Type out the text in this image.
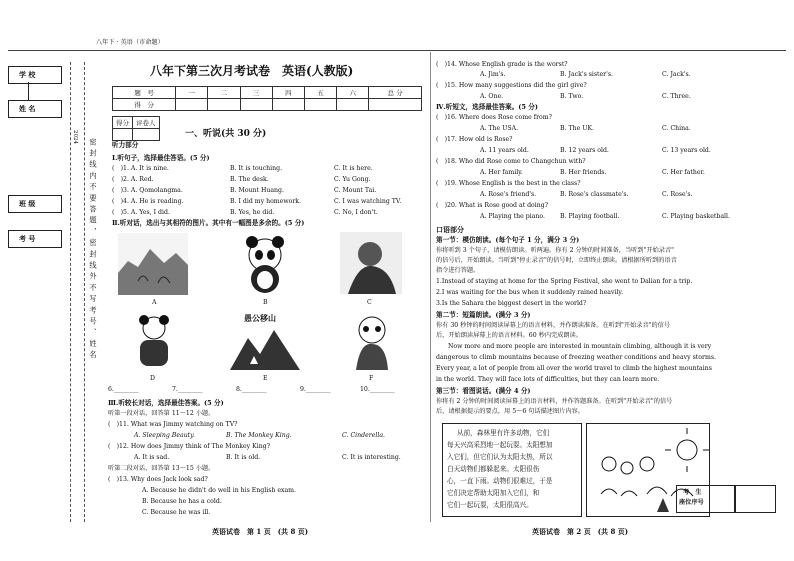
八年下 · 英语（市命题）
学 校
姓 名
班 级
考 号
2024
密封线内不要答题，密封线外不写考号、姓名
八年下第三次月考试卷　英语(人教版)
题　号	一	二	三	四	五	六	总 分
得　分							
得分	评卷人

一、听说(共 30 分)
听力部分
Ⅰ.听句子，选择最佳答语。(5 分)
(　)1. A. It is nine.	B. It is touching.	C. It is here.
(　)2. A. Red.	B. The desk.	C. Yu Gong.
(　)3. A. Qomolangma.	B. Mount Huang.	C. Mount Tai.
(　)4. A. He is reading.	B. I did my homework.	C. I was watching TV.
(　)5. A. Yes, I did.	B. Yes, he did.	C. No, I don't.
Ⅱ.听对话，选出与其相符的图片。其中有一幅图是多余的。(5 分)
A	B	C
愚公移山
D	E	F
6.________	7.________	8.________	9.________	10.________
Ⅲ.听较长对话，选择最佳答案。(5 分)
听第一段对话，回答第 11～12 小题。
(　)11. What was Jimmy watching on TV?
A. Sleeping Beauty.	B. The Monkey King.	C. Cinderella.
(　)12. How does Jimmy think of The Monkey King?
A. It is sad.	B. It is old.	C. It is interesting.
听第二段对话，回答第 13～15 小题。
(　)13. Why does Jack look sad?
A. Because he didn't do well in his English exam.
B. Because he has a cold.
C. Because he was ill.
英语试卷　第 1 页　(共 8 页)
(　)14. Whose English grade is the worst?
A. Jim's.	B. Jack's sister's.	C. Jack's.
(　)15. How many suggestions did the girl give?
A. One.	B. Two.	C. Three.
Ⅳ.听短文，选择最佳答案。(5 分)
(　)16. Where does Rose come from?
A. The USA.	B. The UK.	C. China.
(　)17. How old is Rose?
A. 11 years old.	B. 12 years old.	C. 13 years old.
(　)18. Who did Rose come to Changchun with?
A. Her family.	B. Her friends.	C. Her father.
(　)19. Whose English is the best in the class?
A. Rose's friend's.	B. Rose's classmate's.	C. Rose's.
(　)20. What is Rose good at doing?
A. Playing the piano. B. Playing football.	C. Playing basketball.
口语部分
第一节：模仿朗读。(每个句子 1 分，满分 3 分)
你将听到 3 个句子，请模仿朗读。听两遍。你有 2 分钟的时间准备，当听到"开始录音"
的信号后，开始朗读。当听到"停止录音"的信号时，立即终止朗读。请根据所听到的语音
指令进行答题。
1.Instead of staying at home for the Spring Festival, she went to Dalian for a trip.
2.I was waiting for the bus when it suddenly rained heavily.
3.Is the Sahara the biggest desert in the world?
第二节：短篇朗读。(满分 3 分)
你有 30 秒钟的时间阅读屏幕上的语言材料，并作朗读准备。在听到"开始录音"的信号
后，开始朗读屏幕上的语言材料。60 秒内完成朗读。
Now more and more people are interested in mountain climbing, although it is very
dangerous to climb mountains because of freezing weather conditions and heavy storms.
Every year, a lot of people from all over the world travel to climb the highest mountains
in the world. They will face lots of difficulties, but they can learn more.
第三节：看图说话。(满分 4 分)
你将有 2 分钟的时间阅读屏幕上的语言材料，并作答题准备。在听到"开始录音"的信号
后，请根据提示的要点，用 5～6 句话描述图片内容。
从前，森林里有许多动物，它们
每天兴高采烈地一起玩耍。太阳想加
入它们，但它们认为太阳太热，所以
白天动物们都躲起来。太阳很伤
心，一直下雨。动物们很难过，于是
它们决定帮助太阳加入它们，和
它们一起玩耍，太阳很高兴。
考　生
座位序号
英语试卷　第 2 页　(共 8 页)
